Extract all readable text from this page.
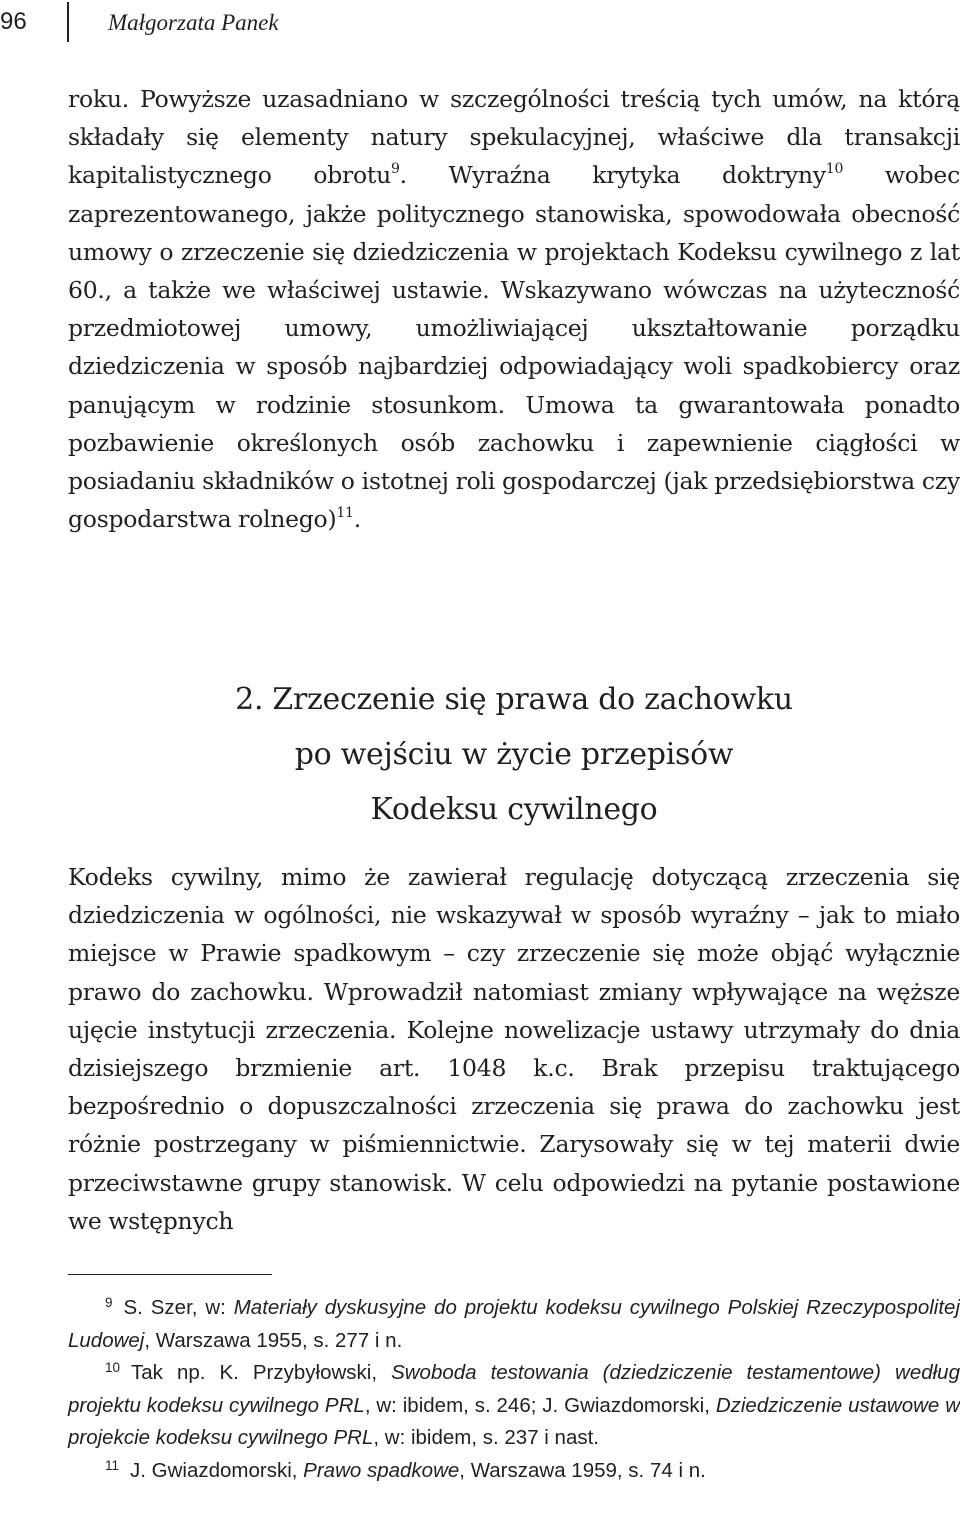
96	Małgorzata Panek

roku. Powyższe uzasadniano w szczególności treścią tych umów, na którą składały się elementy natury spekulacyjnej, właściwe dla transakcji kapitalistycznego obrotu$^9$. Wyraźna krytyka doktryny$^{10}$ wobec zaprezentowanego, jakże politycznego stanowiska, spowodowała obecność umowy o zrzeczenie się dziedziczenia w projektach Kodeksu cywilnego z lat 60., a także we właściwej ustawie. Wskazywano wówczas na użyteczność przedmiotowej umowy, umożliwiającej ukształtowanie porządku dziedziczenia w sposób najbardziej odpowiadający woli spadkobiercy oraz panującym w rodzinie stosunkom. Umowa ta gwarantowała ponadto pozbawienie określonych osób zachowku i zapewnienie ciągłości w posiadaniu składników o istotnej roli gospodarczej (jak przedsiębiorstwa czy gospodarstwa rolnego)$^{11}$.

2. Zrzeczenie się prawa do zachowku
po wejściu w życie przepisów
Kodeksu cywilnego

Kodeks cywilny, mimo że zawierał regulację dotyczącą zrzeczenia się dziedziczenia w ogólności, nie wskazywał w sposób wyraźny – jak to miało miejsce w Prawie spadkowym – czy zrzeczenie się może objąć wyłącznie prawo do zachowku. Wprowadził natomiast zmiany wpływające na węższe ujęcie instytucji zrzeczenia. Kolejne nowelizacje ustawy utrzymały do dnia dzisiejszego brzmienie art. 1048 k.c. Brak przepisu traktującego bezpośrednio o dopuszczalności zrzeczenia się prawa do zachowku jest różnie postrzegany w piśmiennictwie. Zarysowały się w tej materii dwie przeciwstawne grupy stanowisk. W celu odpowiedzi na pytanie postawione we wstępnych

$^9$ S. Szer, w: Materiały dyskusyjne do projektu kodeksu cywilnego Polskiej Rzeczypospolitej Ludowej, Warszawa 1955, s. 277 i n.

$^{10}$ Tak np. K. Przybyłowski, Swoboda testowania (dziedziczenie testamentowe) według projektu kodeksu cywilnego PRL, w: ibidem, s. 246; J. Gwiazdomorski, Dziedziczenie ustawowe w projekcie kodeksu cywilnego PRL, w: ibidem, s. 237 i nast.

$^{11}$ J. Gwiazdomorski, Prawo spadkowe, Warszawa 1959, s. 74 i n.
